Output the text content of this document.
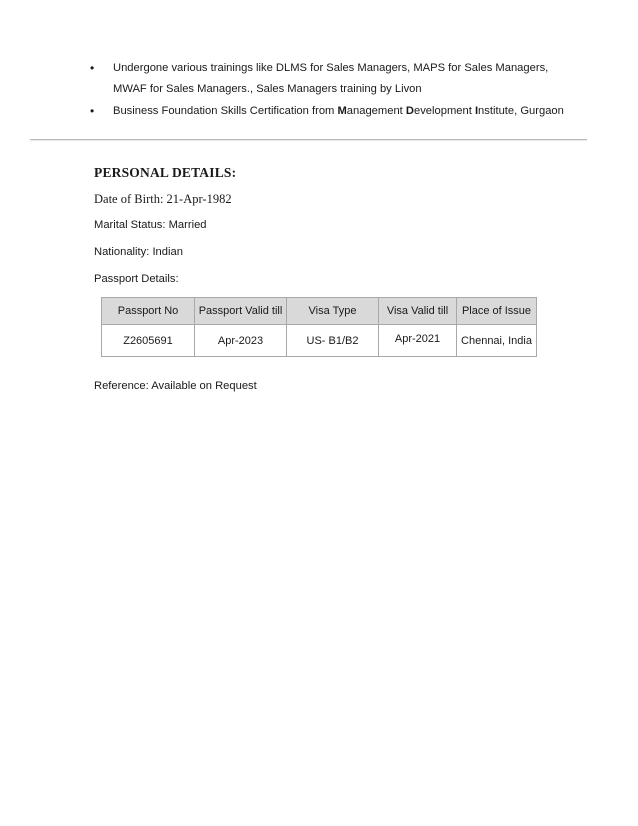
• Undergone various trainings like DLMS for Sales Managers, MAPS for Sales Managers,
MWAF for Sales Managers., Sales Managers training by Livon
• Business Foundation Skills Certification from Management Development Institute, Gurgaon
PERSONAL DETAILS:
Date of Birth: 21-Apr-1982
Marital Status: Married
Nationality: Indian
Passport Details:
Passport No	Passport Valid till	Visa Type	Visa Valid till	Place of Issue
Z2605691	Apr-2023	US- B1/B2	Apr-2021	Chennai, India
Reference: Available on Request
